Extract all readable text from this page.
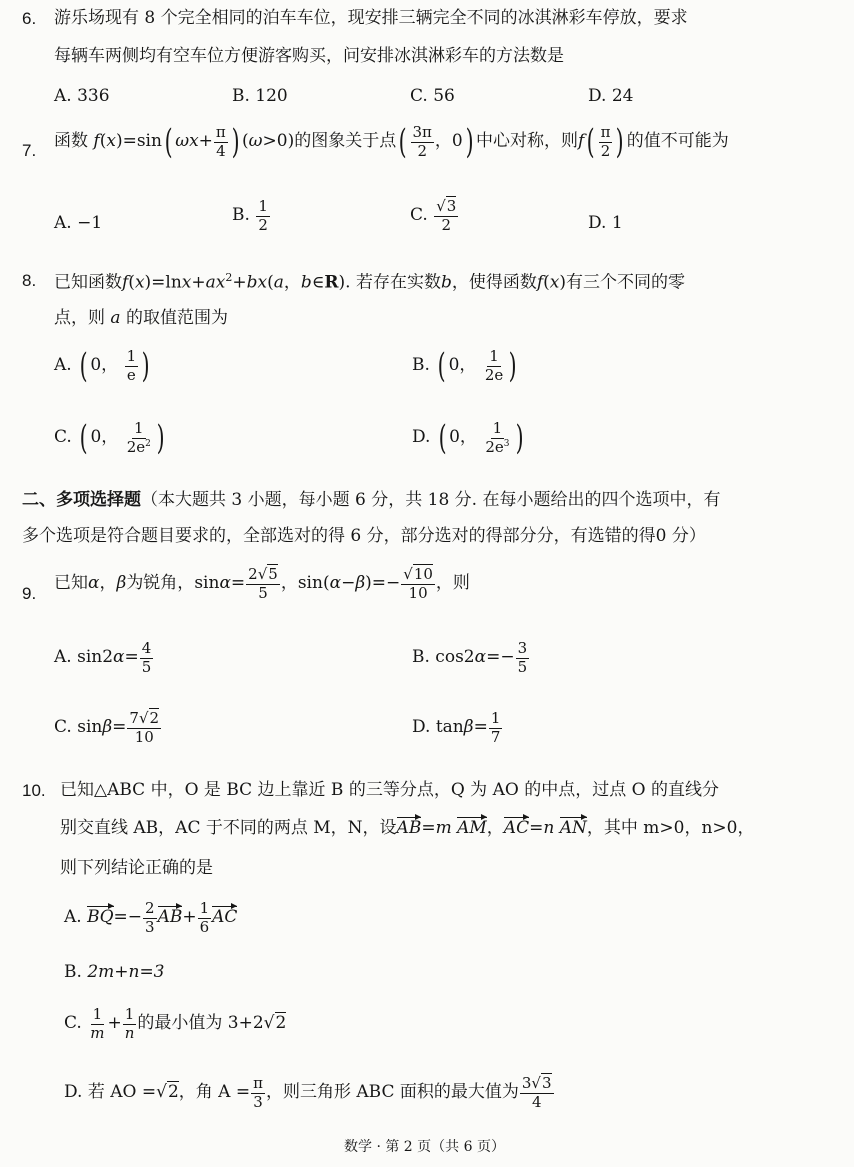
6. 游乐场现有 8 个完全相同的泊车车位，现安排三辆完全不同的冰淇淋彩车停放，要求
每辆车两侧均有空车位方便游客购买，问安排冰淇淋彩车的方法数是
A. 336	B. 120	C. 56	D. 24
7. 函数 f(x)=sin( $\omega x+ \frac{\pi}{4}$ ) (ω>0)的图象关于点( $\frac{3\pi}{2}$ ，0) 中心对称，则$f( \frac{\pi}{2}$ ) 的值不可能为
A. −1	B. $\frac{1}{2}$	C. $\frac{√3}{2}$	D. 1
8. 已知函数$f(x)=\ln x+ax^2+bx(a$，b∈R). 若存在实数b，使得函数f(x)有三个不同的零
点，则 a 的取值范围为
A. ( 0， $\frac{1}{e}$ )	B. ( 0， $\frac{1}{2e}$ )
C. ( 0， $\frac{1}{2e^2}$ )	D. ( 0， $\frac{1}{2e^3}$ )
二、多项选择题（本大题共 3 小题，每小题 6 分，共 18 分. 在每小题给出的四个选项中，有
多个选项是符合题目要求的，全部选对的得 6 分，部分选对的得部分分，有选错的得0 分）
9.
已知α，β为锐角，$\sin\alpha= \frac{2√5}{5}$ ，$\sin(\alpha-\beta)=- \frac{√10}{10}$ ，则
A. $\sin 2\alpha= \frac{4}{5}$	B. $\cos 2\alpha=- \frac{3}{5}$
C. $\sin\beta= \frac{7√2}{10}$	D. $\tan\beta= \frac{1}{7}$
10. 已知△ABC 中，O 是 BC 边上靠近 B 的三等分点，Q 为 AO 的中点，过点 O 的直线分
别交直线 AB，AC 于不同的两点 M，N，设AB=m AM，AC=n AN，其中 m>0，n>0，
则下列结论正确的是
A. $BQ=- \frac{2}{3} AB+ \frac{1}{6}$ AC
B. 2m+n=3
C. $\frac{1}{m} + \frac{1}{n}$ 的最小值为 3+2√2
D. 若 AO =√2，角 $A = \frac{\pi}{3}$ ，则三角形 ABC 面积的最大值为 $\frac{3√3}{4}$
数学 · 第 2 页（共 6 页）
